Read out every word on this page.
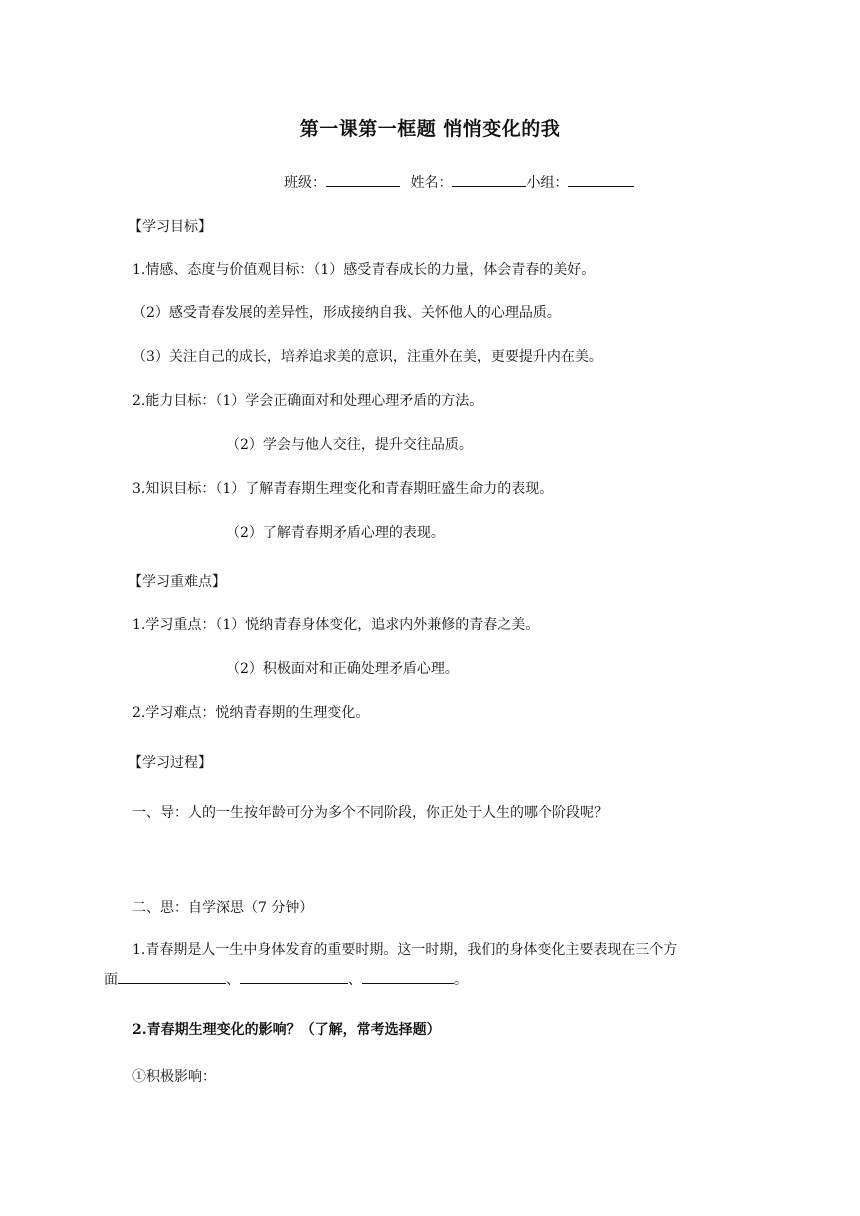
第一课第一框题 悄悄变化的我
班级：	姓名：	小组：
【学习目标】
1.情感、态度与价值观目标：（1）感受青春成长的力量，体会青春的美好。
（2）感受青春发展的差异性，形成接纳自我、关怀他人的心理品质。
（3）关注自己的成长，培养追求美的意识，注重外在美，更要提升内在美。
2.能力目标：（1）学会正确面对和处理心理矛盾的方法。
（2）学会与他人交往，提升交往品质。
3.知识目标：（1）了解青春期生理变化和青春期旺盛生命力的表现。
（2）了解青春期矛盾心理的表现。
【学习重难点】
1.学习重点：（1）悦纳青春身体变化，追求内外兼修的青春之美。
（2）积极面对和正确处理矛盾心理。
2.学习难点：悦纳青春期的生理变化。
【学习过程】
一、导：人的一生按年龄可分为多个不同阶段，你正处于人生的哪个阶段呢？
二、思：自学深思（7 分钟）
1.青春期是人一生中身体发育的重要时期。这一时期，我们的身体变化主要表现在三个方
面	、	、	。
2.青春期生理变化的影响？（了解，常考选择题）
①积极影响：
